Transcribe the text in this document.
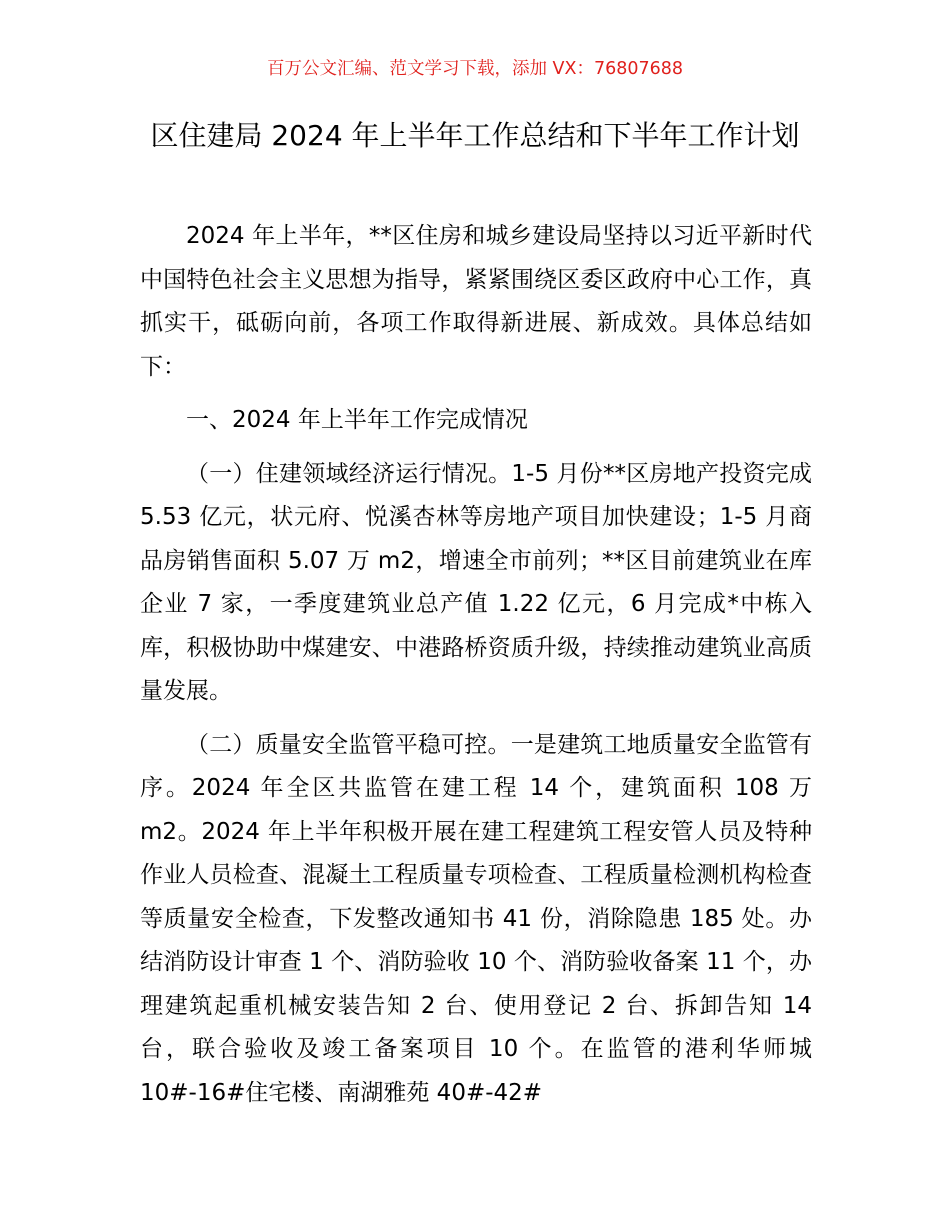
百万公文汇编、范文学习下载，添加 VX：76807688
区住建局 2024 年上半年工作总结和下半年工作计划

2024 年上半年，**区住房和城乡建设局坚持以习近平新时代中国特色社会主义思想为指导，紧紧围绕区委区政府中心工作，真抓实干，砥砺向前，各项工作取得新进展、新成效。具体总结如下：

一、2024 年上半年工作完成情况

（一）住建领域经济运行情况。1-5 月份**区房地产投资完成 5.53 亿元，状元府、悦溪杏林等房地产项目加快建设；1-5 月商品房销售面积 5.07 万 m2，增速全市前列；**区目前建筑业在库企业 7 家，一季度建筑业总产值 1.22 亿元，6 月完成*中栋入库，积极协助中煤建安、中港路桥资质升级，持续推动建筑业高质量发展。

（二）质量安全监管平稳可控。一是建筑工地质量安全监管有序。2024 年全区共监管在建工程 14 个，建筑面积 108 万 m2。2024 年上半年积极开展在建工程建筑工程安管人员及特种作业人员检查、混凝土工程质量专项检查、工程质量检测机构检查等质量安全检查，下发整改通知书 41 份，消除隐患 185 处。办结消防设计审查 1 个、消防验收 10 个、消防验收备案 11 个，办理建筑起重机械安装告知 2 台、使用登记 2 台、拆卸告知 14 台，联合验收及竣工备案项目 10 个。在监管的港利华师城 10#-16#住宅楼、南湖雅苑 40#-42#
